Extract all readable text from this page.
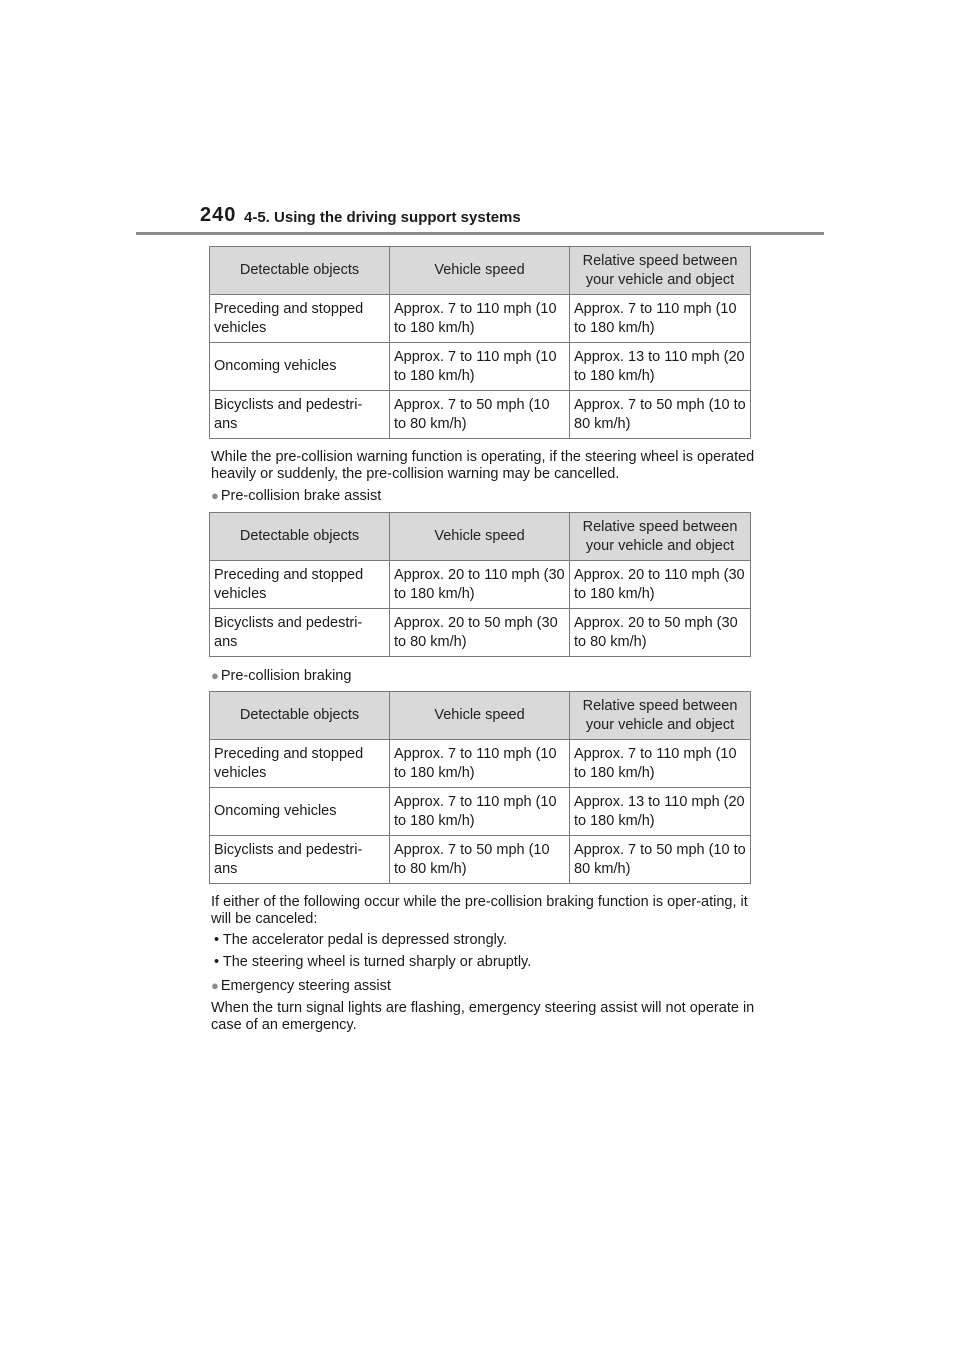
240 4-5. Using the driving support systems
Detectable objects	Vehicle speed	Relative speed between your vehicle and object
Preceding and stopped vehicles	Approx. 7 to 110 mph (10 to 180 km/h)	Approx. 7 to 110 mph (10 to 180 km/h)
Oncoming vehicles	Approx. 7 to 110 mph (10 to 180 km/h)	Approx. 13 to 110 mph (20 to 180 km/h)
Bicyclists and pedestri-ans	Approx. 7 to 50 mph (10 to 80 km/h)	Approx. 7 to 50 mph (10 to 80 km/h)
While the pre-collision warning function is operating, if the steering wheel is operated heavily or suddenly, the pre-collision warning may be cancelled.
● Pre-collision brake assist
Detectable objects	Vehicle speed	Relative speed between your vehicle and object
Preceding and stopped vehicles	Approx. 20 to 110 mph (30 to 180 km/h)	Approx. 20 to 110 mph (30 to 180 km/h)
Bicyclists and pedestri-ans	Approx. 20 to 50 mph (30 to 80 km/h)	Approx. 20 to 50 mph (30 to 80 km/h)
● Pre-collision braking
Detectable objects	Vehicle speed	Relative speed between your vehicle and object
Preceding and stopped vehicles	Approx. 7 to 110 mph (10 to 180 km/h)	Approx. 7 to 110 mph (10 to 180 km/h)
Oncoming vehicles	Approx. 7 to 110 mph (10 to 180 km/h)	Approx. 13 to 110 mph (20 to 180 km/h)
Bicyclists and pedestri-ans	Approx. 7 to 50 mph (10 to 80 km/h)	Approx. 7 to 50 mph (10 to 80 km/h)
If either of the following occur while the pre-collision braking function is oper-ating, it will be canceled:
• The accelerator pedal is depressed strongly.
• The steering wheel is turned sharply or abruptly.
● Emergency steering assist
When the turn signal lights are flashing, emergency steering assist will not operate in case of an emergency.
